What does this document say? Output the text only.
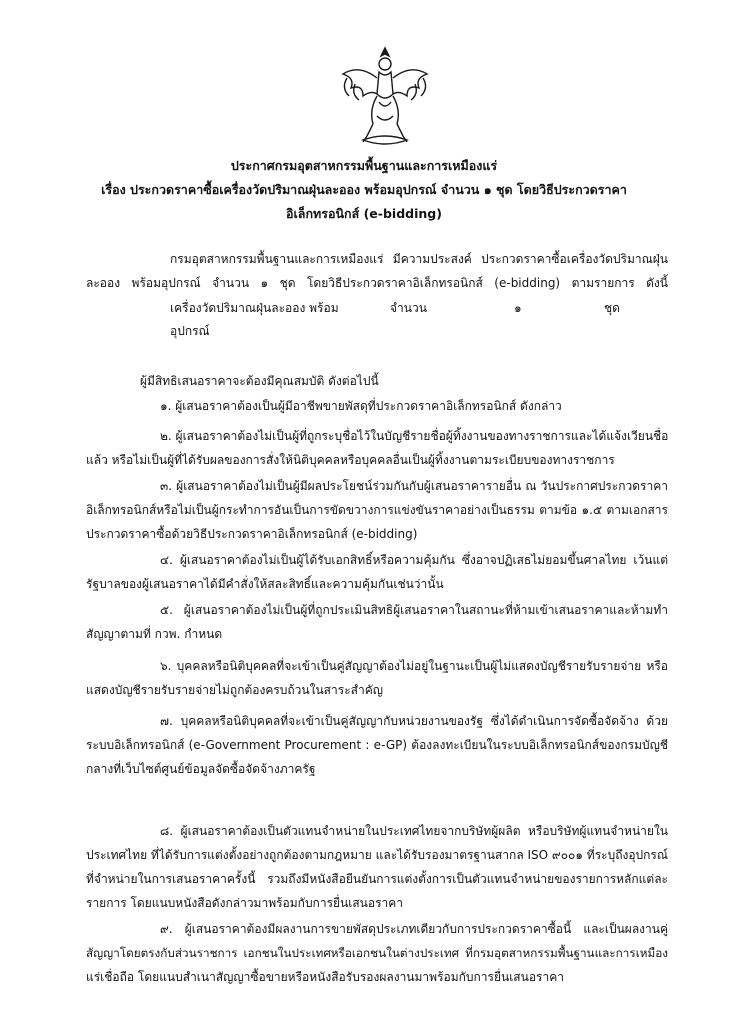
ประกาศกรมอุตสาหกรรมพื้นฐานและการเหมืองแร่
เรื่อง ประกวดราคาซื้อเครื่องวัดปริมาณฝุ่นละออง พร้อมอุปกรณ์ จำนวน ๑ ชุด โดยวิธีประกวดราคา
อิเล็กทรอนิกส์ (e-bidding)
กรมอุตสาหกรรมพื้นฐานและการเหมืองแร่ มีความประสงค์ ประกวดราคาซื้อเครื่องวัดปริมาณฝุ่น
ละออง พร้อมอุปกรณ์ จำนวน ๑ ชุด โดยวิธีประกวดราคาอิเล็กทรอนิกส์ (e-bidding) ตามรายการ ดังนี้
เครื่องวัดปริมาณฝุ่นละออง พร้อม	จำนวน	๑	ชุด
อุปกรณ์
ผู้มีสิทธิเสนอราคาจะต้องมีคุณสมบัติ ดังต่อไปนี้
๑. ผู้เสนอราคาต้องเป็นผู้มีอาชีพขายพัสดุที่ประกวดราคาอิเล็กทรอนิกส์ ดังกล่าว
๒. ผู้เสนอราคาต้องไม่เป็นผู้ที่ถูกระบุชื่อไว้ในบัญชีรายชื่อผู้ทิ้งงานของทางราชการและได้แจ้งเวียนชื่อ
แล้ว หรือไม่เป็นผู้ที่ได้รับผลของการสั่งให้นิติบุคคลหรือบุคคลอื่นเป็นผู้ทิ้งงานตามระเบียบของทางราชการ
๓. ผู้เสนอราคาต้องไม่เป็นผู้มีผลประโยชน์ร่วมกันกับผู้เสนอราคารายอื่น ณ วันประกาศประกวดราคา
อิเล็กทรอนิกส์หรือไม่เป็นผู้กระทำการอันเป็นการขัดขวางการแข่งขันราคาอย่างเป็นธรรม ตามข้อ ๑.๕ ตามเอกสาร
ประกวดราคาซื้อด้วยวิธีประกวดราคาอิเล็กทรอนิกส์ (e-bidding)
๔. ผู้เสนอราคาต้องไม่เป็นผู้ได้รับเอกสิทธิ์หรือความคุ้มกัน ซึ่งอาจปฏิเสธไม่ยอมขึ้นศาลไทย เว้นแต่
รัฐบาลของผู้เสนอราคาได้มีคำสั่งให้สละสิทธิ์และความคุ้มกันเช่นว่านั้น
๕. ผู้เสนอราคาต้องไม่เป็นผู้ที่ถูกประเมินสิทธิผู้เสนอราคาในสถานะที่ห้ามเข้าเสนอราคาและห้ามทำ
สัญญาตามที่ กวพ. กำหนด
๖. บุคคลหรือนิติบุคคลที่จะเข้าเป็นคู่สัญญาต้องไม่อยู่ในฐานะเป็นผู้ไม่แสดงบัญชีรายรับรายจ่าย หรือ
แสดงบัญชีรายรับรายจ่ายไม่ถูกต้องครบถ้วนในสาระสำคัญ
๗. บุคคลหรือนิติบุคคลที่จะเข้าเป็นคู่สัญญากับหน่วยงานของรัฐ ซึ่งได้ดำเนินการจัดซื้อจัดจ้าง ด้วย
ระบบอิเล็กทรอนิกส์ (e-Government Procurement : e-GP) ต้องลงทะเบียนในระบบอิเล็กทรอนิกส์ของกรมบัญชี
กลางที่เว็บไซต์ศูนย์ข้อมูลจัดซื้อจัดจ้างภาครัฐ
๘. ผู้เสนอราคาต้องเป็นตัวแทนจำหน่ายในประเทศไทยจากบริษัทผู้ผลิต หรือบริษัทผู้แทนจำหน่ายใน
ประเทศไทย ที่ได้รับการแต่งตั้งอย่างถูกต้องตามกฎหมาย และได้รับรองมาตรฐานสากล ISO ๙๐๐๑ ที่ระบุถึงอุปกรณ์
ที่จำหน่ายในการเสนอราคาครั้งนี้ รวมถึงมีหนังสือยืนยันการแต่งตั้งการเป็นตัวแทนจำหน่ายของรายการหลักแต่ละ
รายการ โดยแนบหนังสือดังกล่าวมาพร้อมกับการยื่นเสนอราคา
๙. ผู้เสนอราคาต้องมีผลงานการขายพัสดุประเภทเดียวกับการประกวดราคาซื้อนี้ และเป็นผลงานคู่
สัญญาโดยตรงกับส่วนราชการ เอกชนในประเทศหรือเอกชนในต่างประเทศ ที่กรมอุตสาหกรรมพื้นฐานและการเหมือง
แร่เชื่อถือ โดยแนบสำเนาสัญญาซื้อขายหรือหนังสือรับรองผลงานมาพร้อมกับการยื่นเสนอราคา
